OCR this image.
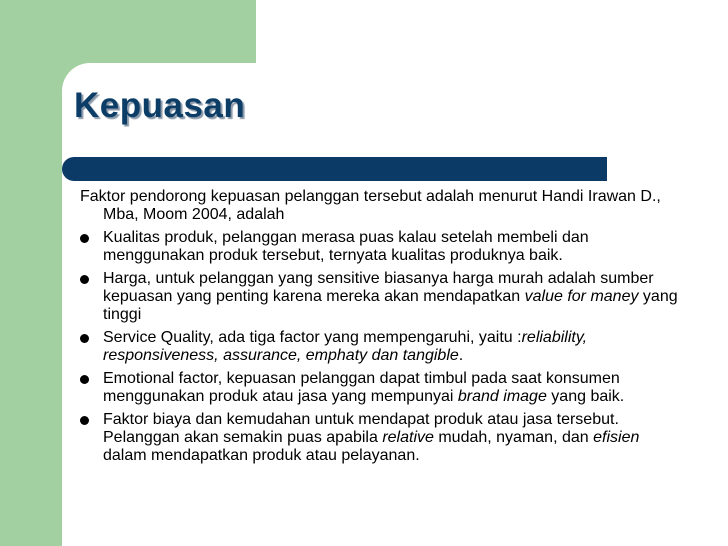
Kepuasan

Faktor pendorong kepuasan pelanggan tersebut adalah menurut Handi Irawan D., Mba, Moom 2004, adalah

Kualitas produk, pelanggan merasa puas kalau setelah membeli dan menggunakan produk tersebut, ternyata kualitas produknya baik.
Harga, untuk pelanggan yang sensitive biasanya harga murah adalah sumber kepuasan yang penting karena mereka akan mendapatkan value for maney yang tinggi
Service Quality, ada tiga factor yang mempengaruhi, yaitu :reliability, responsiveness, assurance, emphaty dan tangible.
Emotional factor, kepuasan pelanggan dapat timbul pada saat konsumen menggunakan produk atau jasa yang mempunyai brand image yang baik.
Faktor biaya dan kemudahan untuk mendapat produk atau jasa tersebut. Pelanggan akan semakin puas apabila relative mudah, nyaman, dan efisien dalam mendapatkan produk atau pelayanan.
